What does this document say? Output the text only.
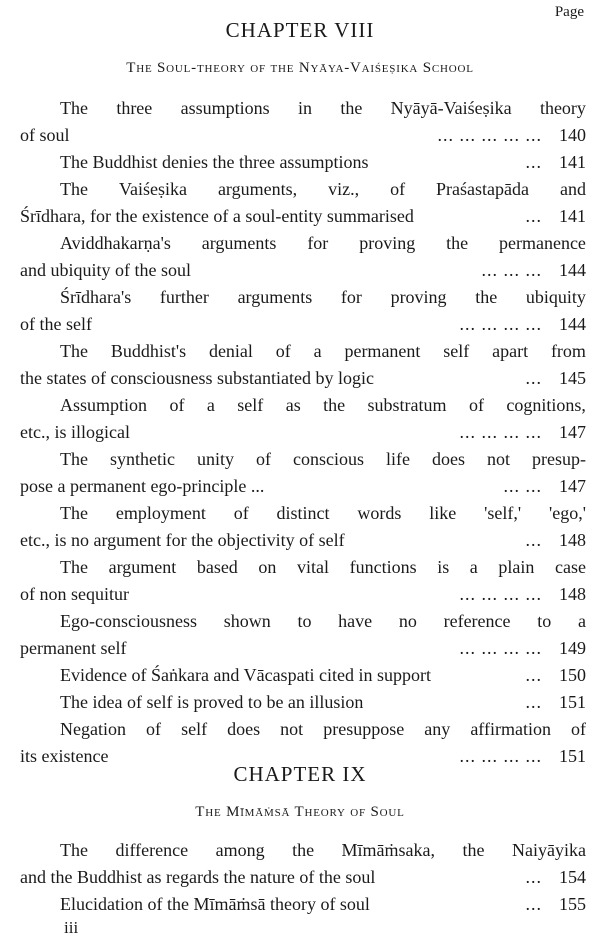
Page
CHAPTER VIII
The Soul-theory of the Nyāya-Vaiśeṣika School
The three assumptions in the Nyāyā-Vaiśeṣika theory
of soul	... ... ... ... ... 140
The Buddhist denies the three assumptions	... 141
The Vaiśeṣika arguments, viz., of Praśastapāda and
Śrīdhara, for the existence of a soul-entity summarised	... 141
Aviddhakarṇa's arguments for proving the permanence
and ubiquity of the soul	... ... ... 144
Śrīdhara's further arguments for proving the ubiquity
of the self	... ... ... ... 144
The Buddhist's denial of a permanent self apart from
the states of consciousness substantiated by logic	... 145
Assumption of a self as the substratum of cognitions,
etc., is illogical	... ... ... ... 147
The synthetic unity of conscious life does not presup-
pose a permanent ego-principle ...	... ... 147
The employment of distinct words like 'self,' 'ego,'
etc., is no argument for the objectivity of self	... 148
The argument based on vital functions is a plain case
of non sequitur	... ... ... ... 148
Ego-consciousness shown to have no reference to a
permanent self	... ... ... ... 149
Evidence of Śaṅkara and Vācaspati cited in support	... 150
The idea of self is proved to be an illusion	... 151
Negation of self does not presuppose any affirmation of
its existence	... ... ... ... 151
CHAPTER IX
The Mīmāṁsā Theory of Soul
The difference among the Mīmāṁsaka, the Naiyāyika
and the Buddhist as regards the nature of the soul	... 154
Elucidation of the Mīmāṁsā theory of soul	... 155
iii
